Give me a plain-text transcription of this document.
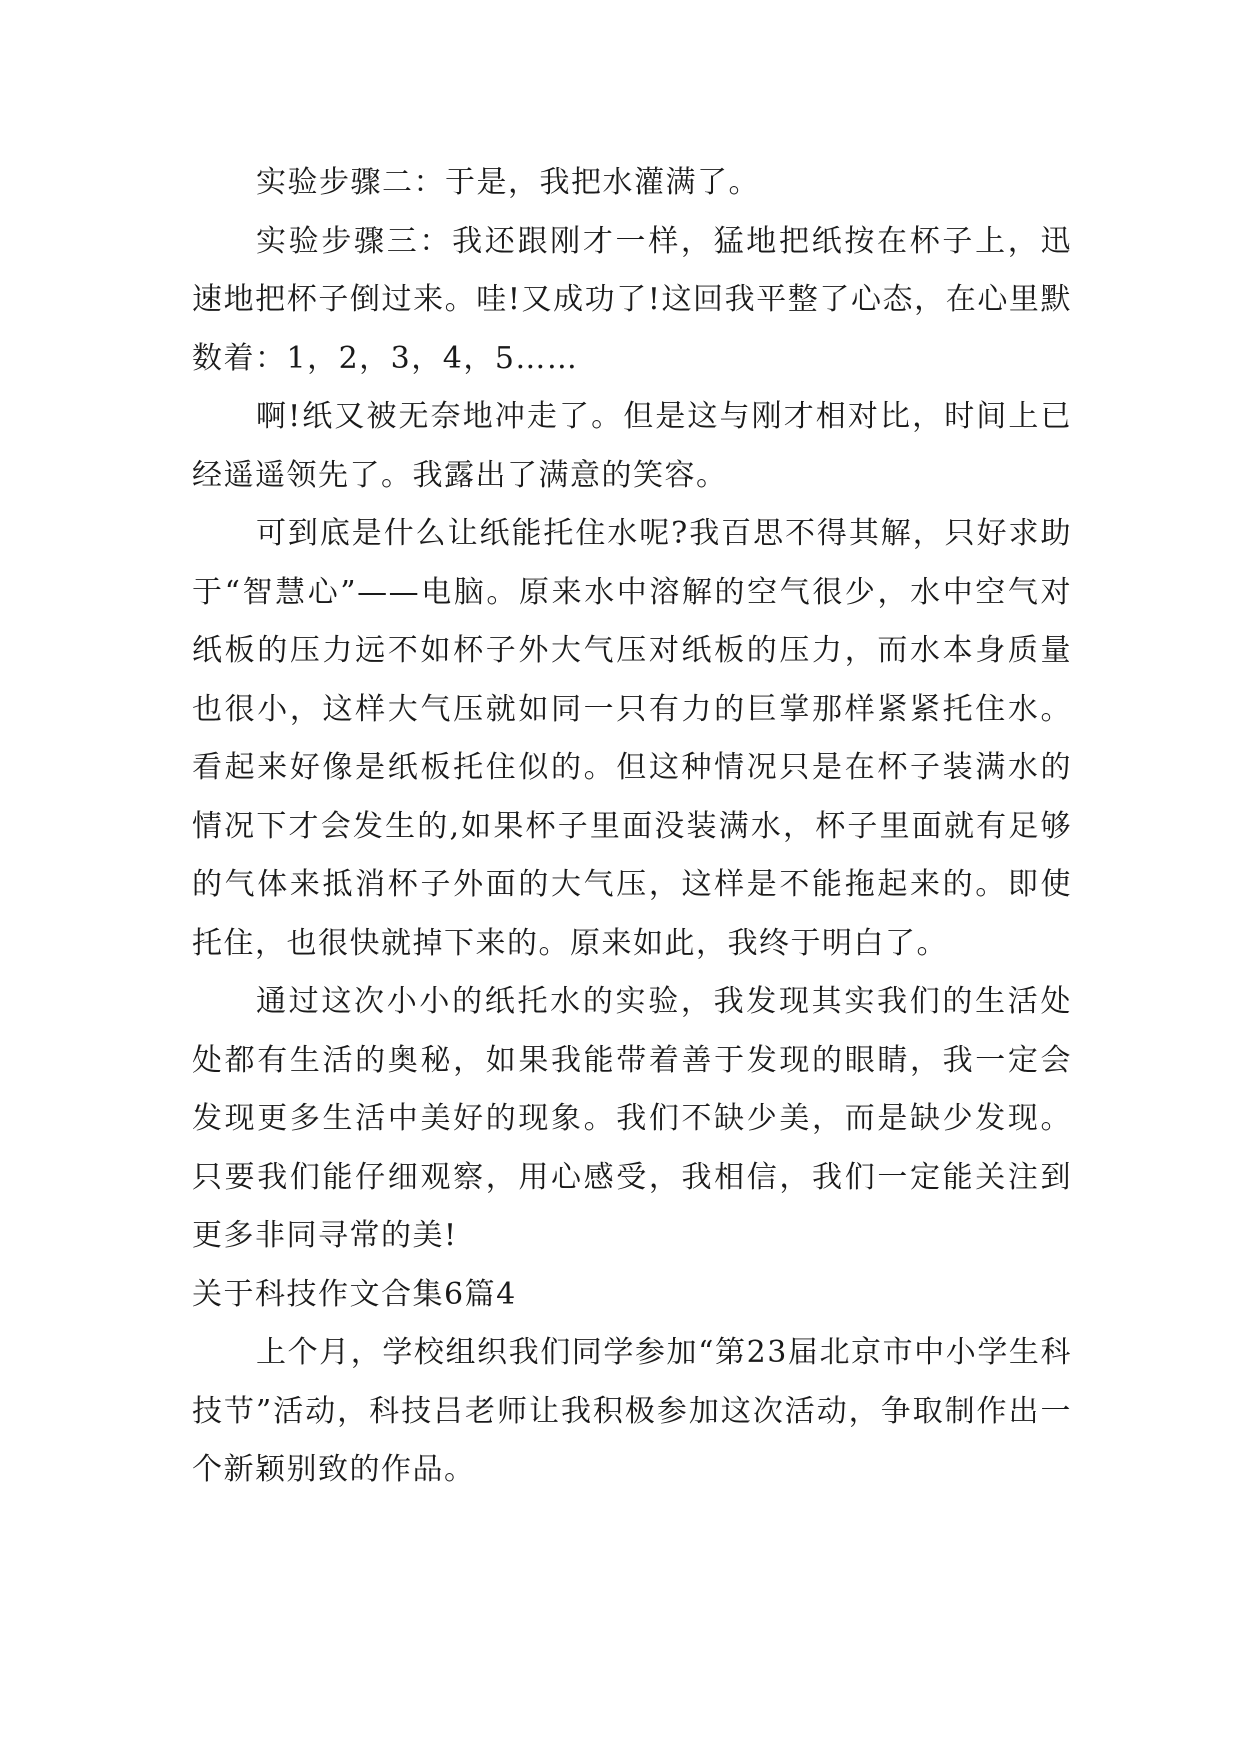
实验步骤二：于是，我把水灌满了。

实验步骤三：我还跟刚才一样，猛地把纸按在杯子上，迅速地把杯子倒过来。哇!又成功了!这回我平整了心态，在心里默数着：1，2，3，4，5……

啊!纸又被无奈地冲走了。但是这与刚才相对比，时间上已经遥遥领先了。我露出了满意的笑容。

可到底是什么让纸能托住水呢?我百思不得其解，只好求助于“智慧心”——电脑。原来水中溶解的空气很少，水中空气对纸板的压力远不如杯子外大气压对纸板的压力，而水本身质量也很小，这样大气压就如同一只有力的巨掌那样紧紧托住水。看起来好像是纸板托住似的。但这种情况只是在杯子装满水的情况下才会发生的,如果杯子里面没装满水，杯子里面就有足够的气体来抵消杯子外面的大气压，这样是不能拖起来的。即使托住，也很快就掉下来的。原来如此，我终于明白了。

通过这次小小的纸托水的实验，我发现其实我们的生活处处都有生活的奥秘，如果我能带着善于发现的眼睛，我一定会发现更多生活中美好的现象。我们不缺少美，而是缺少发现。只要我们能仔细观察，用心感受，我相信，我们一定能关注到更多非同寻常的美!

关于科技作文合集6篇4

上个月，学校组织我们同学参加“第23届北京市中小学生科技节”活动，科技吕老师让我积极参加这次活动，争取制作出一个新颖别致的作品。
